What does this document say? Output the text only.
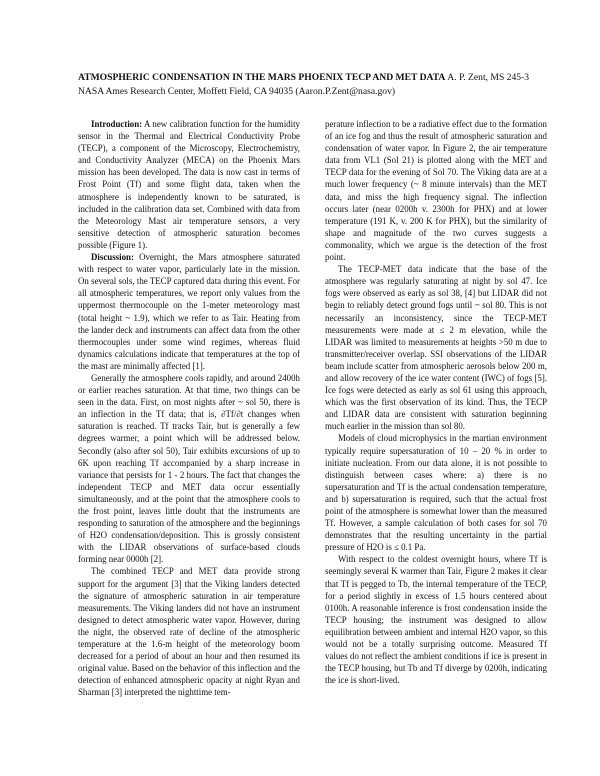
ATMOSPHERIC CONDENSATION IN THE MARS PHOENIX TECP AND MET DATA A. P. Zent, MS 245-3 NASA Ames Research Center, Moffett Field, CA 94035 (Aaron.P.Zent@nasa.gov)

Introduction: A new calibration function for the humidity sensor in the Thermal and Electrical Conductivity Probe (TECP), a component of the Microscopy, Electrochemistry, and Conductivity Analyzer (MECA) on the Phoenix Mars mission has been developed. The data is now cast in terms of Frost Point (Tf) and some flight data, taken when the atmosphere is independently known to be saturated, is included in the calibration data set. Combined with data from the Meteorology Mast air temperature sensors, a very sensitive detection of atmospheric saturation becomes possible (Figure 1).

Discussion: Overnight, the Mars atmosphere saturated with respect to water vapor, particularly late in the mission. On several sols, the TECP captured data during this event. For all atmospheric temperatures, we report only values from the uppermost thermocouple on the 1-meter meteorology mast (total height ~ 1.9), which we refer to as Tair. Heating from the lander deck and instruments can affect data from the other thermocouples under some wind regimes, whereas fluid dynamics calculations indicate that temperatures at the top of the mast are minimally affected [1].

Generally the atmosphere cools rapidly, and around 2400h or earlier reaches saturation. At that time, two things can be seen in the data. First, on most nights after ~ sol 50, there is an inflection in the Tf data; that is, ∂Tf/∂t changes when saturation is reached. Tf tracks Tair, but is generally a few degrees warmer, a point which will be addressed below. Secondly (also after sol 50), Tair exhibits excursions of up to 6K upon reaching Tf accompanied by a sharp increase in variance that persists for 1 - 2 hours. The fact that changes the independent TECP and MET data occur essentially simultaneously, and at the point that the atmosphere cools to the frost point, leaves little doubt that the instruments are responding to saturation of the atmosphere and the beginnings of H2O condensation/deposition. This is grossly consistent with the LIDAR observations of surface-based clouds forming near 0000h [2].

The combined TECP and MET data provide strong support for the argument [3] that the Viking landers detected the signature of atmospheric saturation in air temperature measurements. The Viking landers did not have an instrument designed to detect atmospheric water vapor. However, during the night, the observed rate of decline of the atmospheric temperature at the 1.6-m height of the meteorology boom decreased for a period of about an hour and then resumed its original value. Based on the behavior of this inflection and the detection of enhanced atmospheric opacity at night Ryan and Sharman [3] interpreted the nighttime tem-

perature inflection to be a radiative effect due to the formation of an ice fog and thus the result of atmospheric saturation and condensation of water vapor. In Figure 2, the air temperature data from VL1 (Sol 21) is plotted along with the MET and TECP data for the evening of Sol 70. The Viking data are at a much lower frequency (~ 8 minute intervals) than the MET data, and miss the high frequency signal. The inflection occurs later (near 0200h v. 2300h for PHX) and at lower temperature (191 K, v. 200 K for PHX), but the similarity of shape and magnitude of the two curves suggests a commonality, which we argue is the detection of the frost point.

The TECP-MET data indicate that the base of the atmosphere was regularly saturating at night by sol 47. Ice fogs were observed as early as sol 38, [4] but LIDAR did not begin to reliably detect ground fogs until ~ sol 80. This is not necessarily an inconsistency, since the TECP-MET measurements were made at ≤ 2 m elevation, while the LIDAR was limited to measurements at heights >50 m due to transmitter/receiver overlap. SSI observations of the LIDAR beam include scatter from atmospheric aerosols below 200 m, and allow recovery of the ice water content (IWC) of fogs [5]. Ice fogs were detected as early as sol 61 using this approach, which was the first observation of its kind. Thus, the TECP and LIDAR data are consistent with saturation beginning much earlier in the mission than sol 80.

Models of cloud microphysics in the martian environment typically require supersaturation of 10 – 20 % in order to initiate nucleation. From our data alone, it is not possible to distinguish between cases where: a) there is no supersaturation and Tf is the actual condensation temperature, and b) supersaturation is required, such that the actual frost point of the atmosphere is somewhat lower than the measured Tf. However, a sample calculation of both cases for sol 70 demonstrates that the resulting uncertainty in the partial pressure of H2O is ≤ 0.1 Pa.

With respect to the coldest overnight hours, where Tf is seemingly several K warmer than Tair, Figure 2 makes it clear that Tf is pegged to Tb, the internal temperature of the TECP, for a period slightly in excess of 1.5 hours centered about 0100h. A reasonable inference is frost condensation inside the TECP housing; the instrument was designed to allow equilibration between ambient and internal H2O vapor, so this would not be a totally surprising outcome. Measured Tf values do not reflect the ambient conditions if ice is present in the TECP housing, but Tb and Tf diverge by 0200h, indicating the ice is short-lived.
